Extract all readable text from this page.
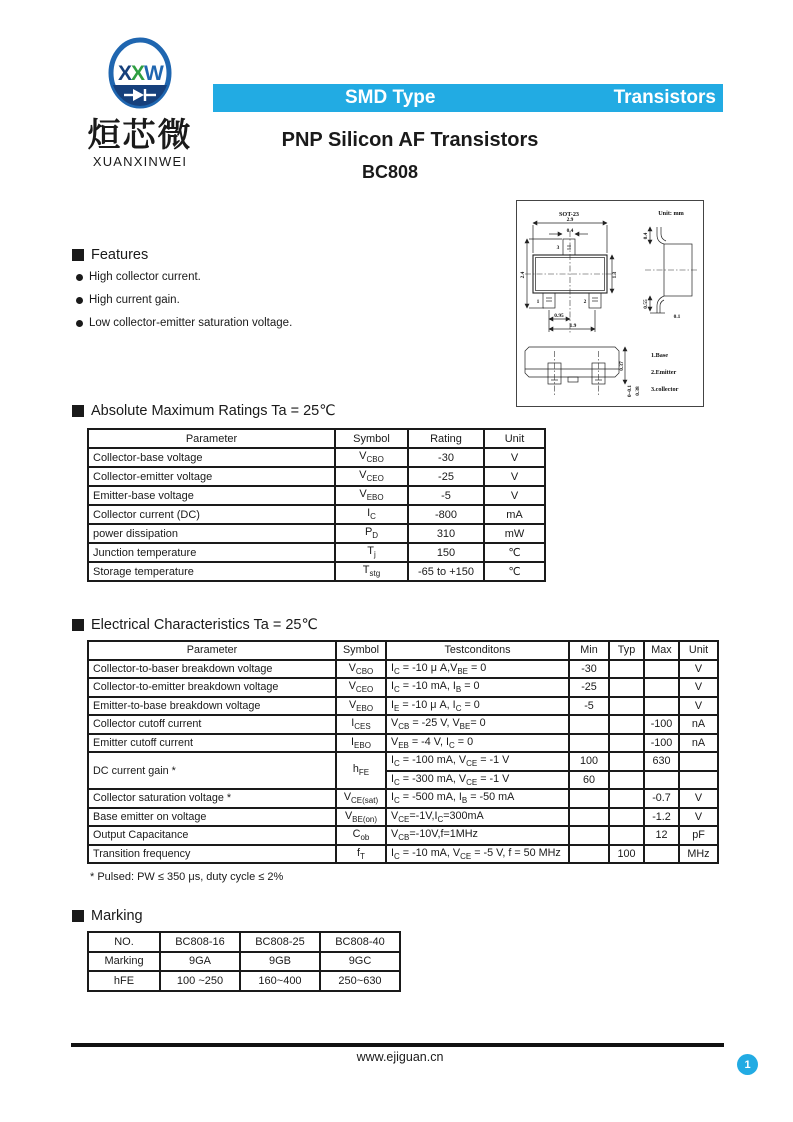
X
X
W
烜芯微
XUANXINWEI
SMD Type	Transistors
PNP Silicon AF Transistors
BC808
Features
High collector current.
High current gain.
Low collector-emitter saturation voltage.
SOT-23	Unit: mm
2.9
0.4
3
1	2
2.4	1.3
0.95
1.9
0.4
0.55
0.1
0.37
0~0.1 0.38
1.Base
2.Emitter
3.collector
Absolute Maximum Ratings Ta = 25℃
Parameter	Symbol	Rating	Unit
Collector-base voltage	$V_{CBO}$	-30	V
Collector-emitter voltage	$V_{CEO}$	-25	V
Emitter-base voltage	$V_{EBO}$	-5	V
Collector current (DC)	$I_C$	-800	mA
power dissipation	$P_D$	310	mW
Junction temperature	$T_j$	150	℃
Storage temperature	$T_{stg}$	-65 to +150	℃
Electrical Characteristics Ta = 25℃
Parameter	Symbol	Testconditons	Min	Typ	Max	Unit
Collector-to-baser breakdown voltage	$V_{CBO}$	$I_C = -10$ μ $A,V_{BE} = 0$	-30			V
Collector-to-emitter breakdown voltage	$V_{CEO}$	$I_C = -10$ mA, $I_B = 0$	-25			V
Emitter-to-base breakdown voltage	$V_{EBO}$	$I_E = -10$ μ A, $I_C = 0$	-5			V
Collector cutoff current	$I_{CES}$	$V_{CB} = -25$ V, $V_{BE}= 0$			-100	nA
Emitter cutoff current	$I_{EBO}$	$V_{EB} = -4$ V, $I_C = 0$			-100	nA
DC current gain *	$h_{FE}$	$I_C = -100$ mA, $V_{CE} = -1$ V	100		630	
		$I_C = -300$ mA, $V_{CE} = -1$ V	60			
Collector saturation voltage *	$V_{CE(sat)}$	$I_C = -500$ mA, $I_B = -50$ mA			-0.7	V
Base emitter on voltage	$V_{BE(on)}$	$V_{CE}=-1V,I_C=300mA$			-1.2	V
Output Capacitance	$C_{ob}$	$V_{CB}=-10V,f=1MHz$			12	pF
Transition frequency	$f_T$	$I_C = -10$ mA, $V_{CE} = -5$ V, f = 50 MHz		100		MHz
* Pulsed: PW ≤ 350 μs, duty cycle ≤ 2%
Marking
NO.	BC808-16	BC808-25	BC808-40
Marking	9GA	9GB	9GC
hFE	100 ~250	160~400	250~630
www.ejiguan.cn
1
